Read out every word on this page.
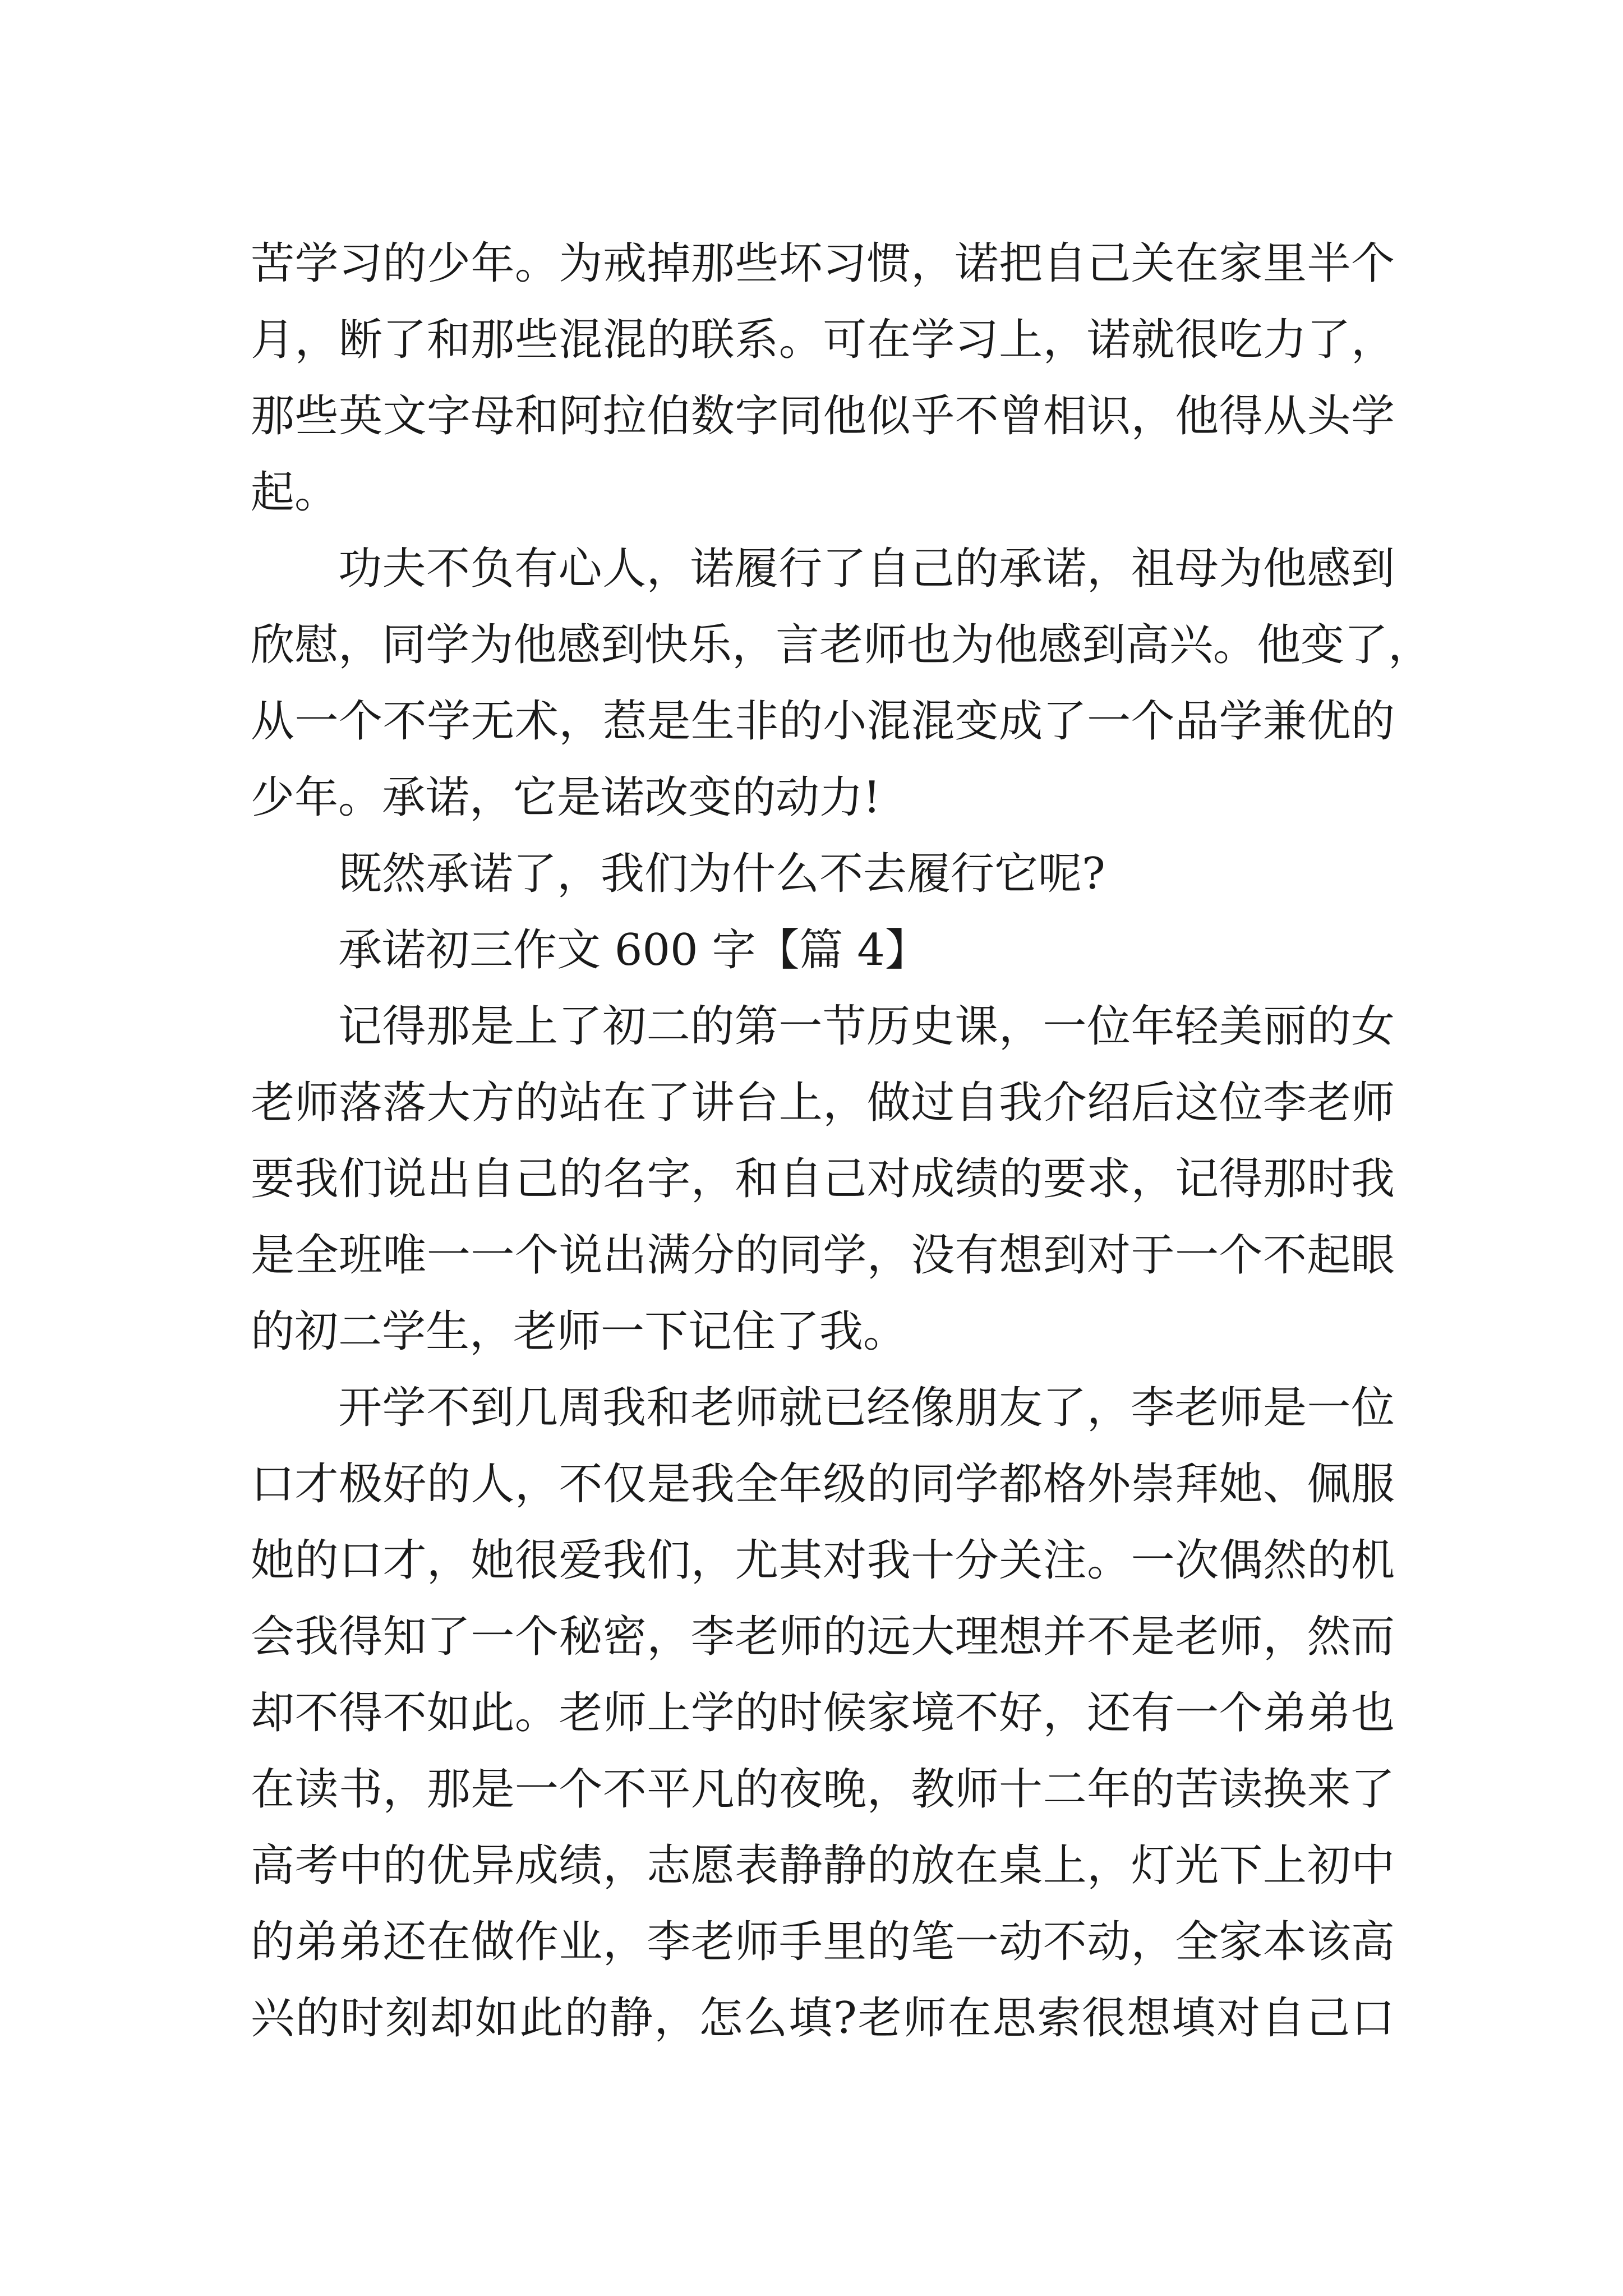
苦学习的少年。为戒掉那些坏习惯，诺把自己关在家里半个
月，断了和那些混混的联系。可在学习上，诺就很吃力了，
那些英文字母和阿拉伯数字同他似乎不曾相识，他得从头学
起。
功夫不负有心人，诺履行了自己的承诺，祖母为他感到
欣慰，同学为他感到快乐，言老师也为他感到高兴。他变了，
从一个不学无术，惹是生非的小混混变成了一个品学兼优的
少年。承诺，它是诺改变的动力!
既然承诺了，我们为什么不去履行它呢?
承诺初三作文 600 字【篇 4】
记得那是上了初二的第一节历史课，一位年轻美丽的女
老师落落大方的站在了讲台上，做过自我介绍后这位李老师
要我们说出自己的名字，和自己对成绩的要求，记得那时我
是全班唯一一个说出满分的同学，没有想到对于一个不起眼
的初二学生，老师一下记住了我。
开学不到几周我和老师就已经像朋友了，李老师是一位
口才极好的人，不仅是我全年级的同学都格外崇拜她、佩服
她的口才，她很爱我们，尤其对我十分关注。一次偶然的机
会我得知了一个秘密，李老师的远大理想并不是老师，然而
却不得不如此。老师上学的时候家境不好，还有一个弟弟也
在读书，那是一个不平凡的夜晚，教师十二年的苦读换来了
高考中的优异成绩，志愿表静静的放在桌上，灯光下上初中
的弟弟还在做作业，李老师手里的笔一动不动，全家本该高
兴的时刻却如此的静，怎么填?老师在思索很想填对自己口
